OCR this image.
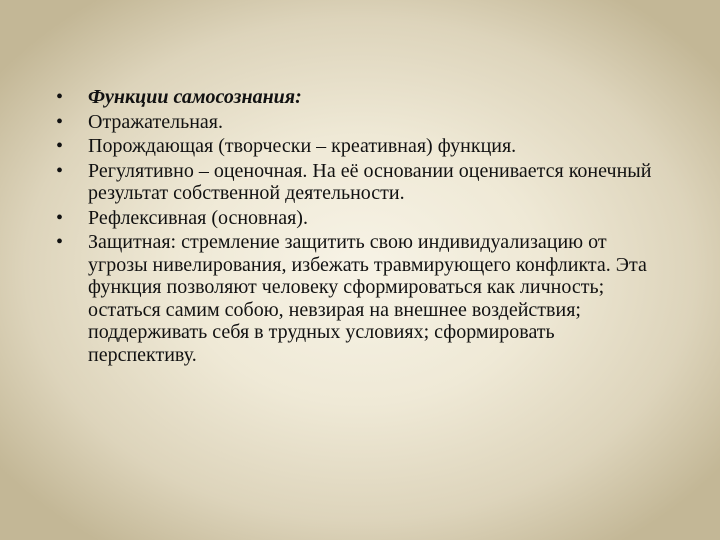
•	Функции самосознания:
•	Отражательная.
•	Порождающая (творчески – креативная) функция.
•	Регулятивно – оценочная. На её основании оценивается конечный результат собственной деятельности.
•	Рефлексивная (основная).
•	Защитная: стремление защитить свою индивидуализацию от угрозы нивелирования, избежать травмирующего конфликта. Эта функция позволяют человеку сформироваться как личность; остаться самим собою, невзирая на внешнее воздействия; поддерживать себя в трудных условиях; сформировать перспективу.
